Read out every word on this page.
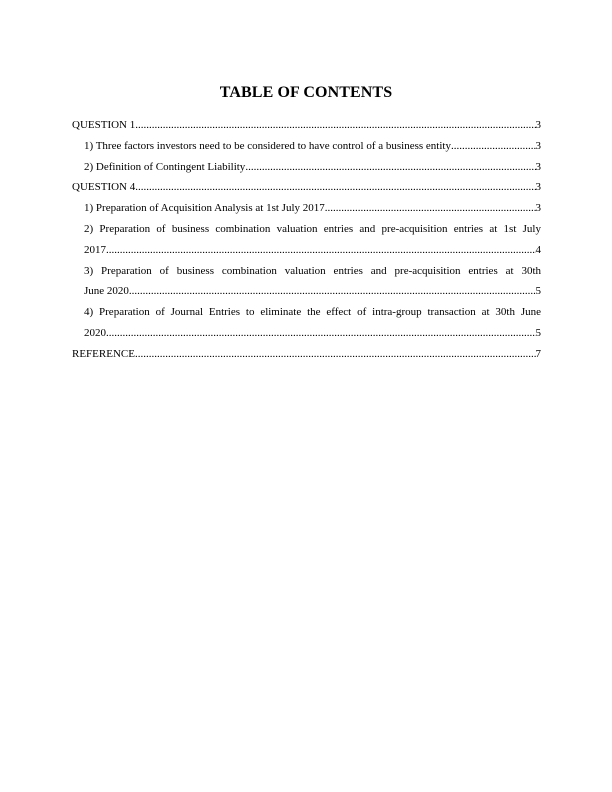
TABLE OF CONTENTS
QUESTION 1 .....	3
1) Three factors investors need to be considered to have control of a business entity .....	3
2) Definition of Contingent Liability .....	3
QUESTION 4 .....	3
1) Preparation of Acquisition Analysis at 1st July 2017 .....	3
2) Preparation of business combination valuation entries and pre-acquisition entries at 1st July
2017 .....	4
3) Preparation of business combination valuation entries and pre-acquisition entries at 30th
June 2020 .....	5
4) Preparation of Journal Entries to eliminate the effect of intra-group transaction at 30th June
2020 .....	5
REFERENCE .....	7
